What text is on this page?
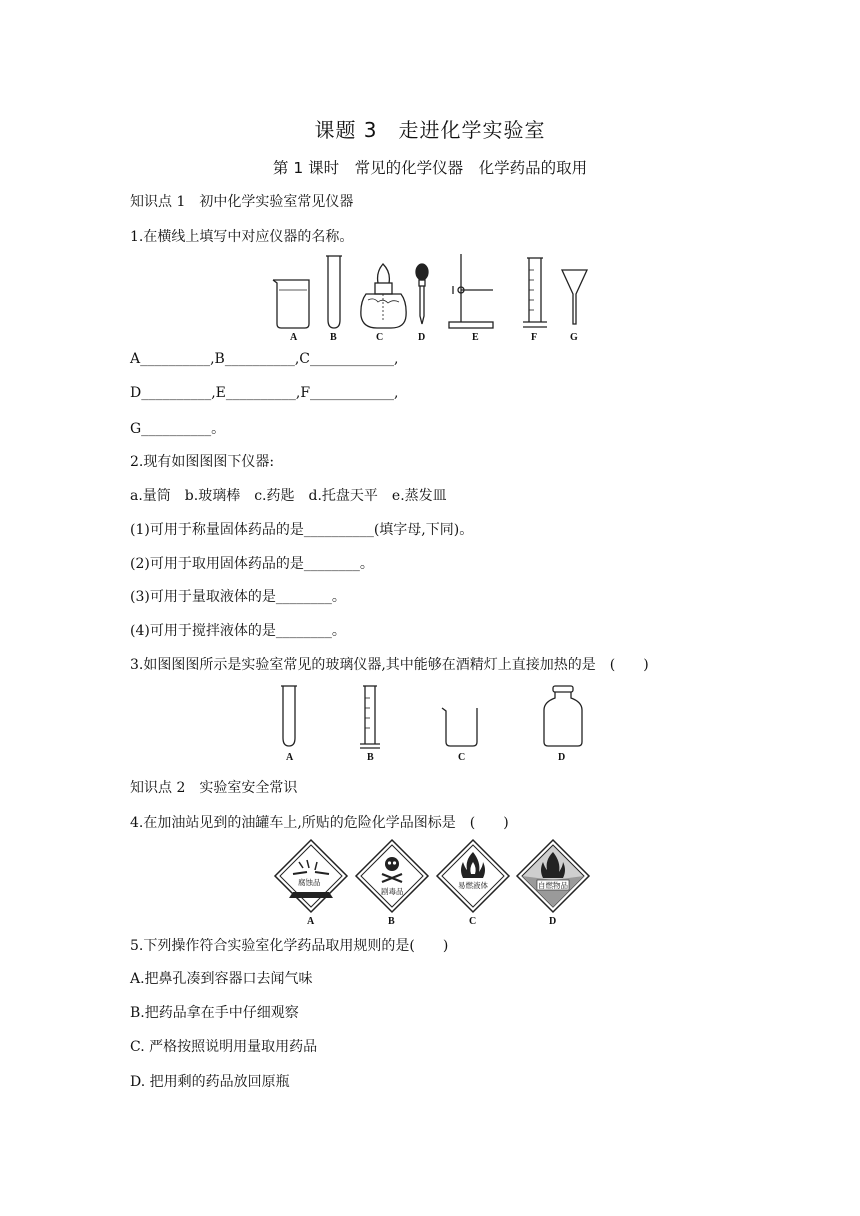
课题 3　走进化学实验室
第 1 课时　常见的化学仪器　化学药品的取用
知识点 1　初中化学实验室常见仪器
1.在横线上填写中对应仪器的名称。
A	B	C	D	E	F	G
A__________,B__________,C____________,
D__________,E__________,F____________,
G__________。
2.现有如图图图下仪器:
a.量筒　b.玻璃棒　c.药匙　d.托盘天平　e.蒸发皿
(1)可用于称量固体药品的是__________(填字母,下同)。
(2)可用于取用固体药品的是________。
(3)可用于量取液体的是________。
(4)可用于搅拌液体的是________。
3.如图图图所示是实验室常见的玻璃仪器,其中能够在酒精灯上直接加热的是　(　　)
A	B	C	D
知识点 2　实验室安全常识
4.在加油站见到的油罐车上,所贴的危险化学品图标是　(　　)
腐蚀品
剧毒品
易燃液体	自燃物品
A	B	C	D
5.下列操作符合实验室化学药品取用规则的是(　　)
A.把鼻孔凑到容器口去闻气味
B.把药品拿在手中仔细观察
C. 严格按照说明用量取用药品
D. 把用剩的药品放回原瓶
